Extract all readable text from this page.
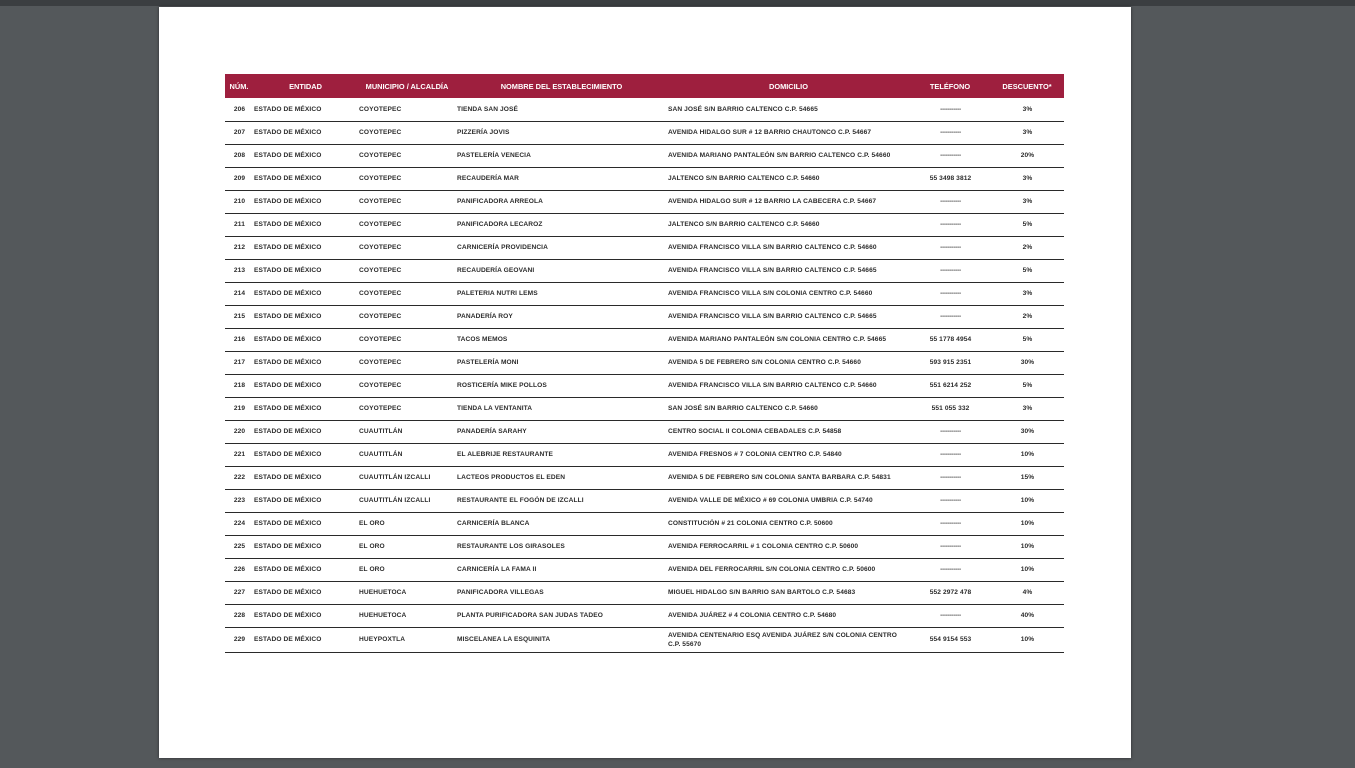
NÚM.	ENTIDAD	MUNICIPIO / ALCALDÍA	NOMBRE DEL ESTABLECIMIENTO	DOMICILIO	TELÉFONO	DESCUENTO*
206	ESTADO DE MÉXICO	COYOTEPEC	TIENDA SAN JOSÉ	SAN JOSÉ S/N BARRIO CALTENCO C.P. 54665	-----------	3%
207	ESTADO DE MÉXICO	COYOTEPEC	PIZZERÍA JOVIS	AVENIDA HIDALGO SUR # 12 BARRIO CHAUTONCO C.P. 54667	-----------	3%
208	ESTADO DE MÉXICO	COYOTEPEC	PASTELERÍA VENECIA	AVENIDA MARIANO PANTALEÓN S/N BARRIO CALTENCO C.P. 54660	-----------	20%
209	ESTADO DE MÉXICO	COYOTEPEC	RECAUDERÍA MAR	JALTENCO S/N BARRIO CALTENCO C.P. 54660	55 3498 3812	3%
210	ESTADO DE MÉXICO	COYOTEPEC	PANIFICADORA ARREOLA	AVENIDA HIDALGO SUR # 12 BARRIO LA CABECERA C.P. 54667	-----------	3%
211	ESTADO DE MÉXICO	COYOTEPEC	PANIFICADORA LECAROZ	JALTENCO S/N BARRIO CALTENCO C.P. 54660	-----------	5%
212	ESTADO DE MÉXICO	COYOTEPEC	CARNICERÍA PROVIDENCIA	AVENIDA FRANCISCO VILLA S/N BARRIO CALTENCO C.P. 54660	-----------	2%
213	ESTADO DE MÉXICO	COYOTEPEC	RECAUDERÍA GEOVANI	AVENIDA FRANCISCO VILLA S/N BARRIO CALTENCO C.P. 54665	-----------	5%
214	ESTADO DE MÉXICO	COYOTEPEC	PALETERIA NUTRI LEMS	AVENIDA FRANCISCO VILLA S/N COLONIA CENTRO C.P. 54660	-----------	3%
215	ESTADO DE MÉXICO	COYOTEPEC	PANADERÍA ROY	AVENIDA FRANCISCO VILLA S/N BARRIO CALTENCO C.P. 54665	-----------	2%
216	ESTADO DE MÉXICO	COYOTEPEC	TACOS MEMOS	AVENIDA MARIANO PANTALEÓN S/N COLONIA CENTRO C.P. 54665	55 1778 4954	5%
217	ESTADO DE MÉXICO	COYOTEPEC	PASTELERÍA MONI	AVENIDA 5 DE FEBRERO S/N COLONIA CENTRO C.P. 54660	593 915 2351	30%
218	ESTADO DE MÉXICO	COYOTEPEC	ROSTICERÍA MIKE POLLOS	AVENIDA FRANCISCO VILLA S/N BARRIO CALTENCO C.P. 54660	551 6214 252	5%
219	ESTADO DE MÉXICO	COYOTEPEC	TIENDA LA VENTANITA	SAN JOSÉ S/N BARRIO CALTENCO C.P. 54660	551 055 332	3%
220	ESTADO DE MÉXICO	CUAUTITLÁN	PANADERÍA SARAHY	CENTRO SOCIAL II COLONIA CEBADALES C.P. 54858	-----------	30%
221	ESTADO DE MÉXICO	CUAUTITLÁN	EL ALEBRIJE RESTAURANTE	AVENIDA FRESNOS # 7 COLONIA CENTRO C.P. 54840	-----------	10%
222	ESTADO DE MÉXICO	CUAUTITLÁN IZCALLI	LACTEOS PRODUCTOS EL EDEN	AVENIDA 5 DE FEBRERO S/N COLONIA SANTA BARBARA C.P. 54831	-----------	15%
223	ESTADO DE MÉXICO	CUAUTITLÁN IZCALLI	RESTAURANTE EL FOGÓN DE IZCALLI	AVENIDA VALLE DE MÉXICO # 69 COLONIA UMBRIA C.P. 54740	-----------	10%
224	ESTADO DE MÉXICO	EL ORO	CARNICERÍA BLANCA	CONSTITUCIÓN # 21 COLONIA CENTRO C.P. 50600	-----------	10%
225	ESTADO DE MÉXICO	EL ORO	RESTAURANTE LOS GIRASOLES	AVENIDA FERROCARRIL # 1 COLONIA CENTRO C.P. 50600	-----------	10%
226	ESTADO DE MÉXICO	EL ORO	CARNICERÍA LA FAMA II	AVENIDA DEL FERROCARRIL S/N COLONIA CENTRO C.P. 50600	-----------	10%
227	ESTADO DE MÉXICO	HUEHUETOCA	PANIFICADORA VILLEGAS	MIGUEL HIDALGO S/N BARRIO SAN BARTOLO C.P. 54683	552 2972 478	4%
228	ESTADO DE MÉXICO	HUEHUETOCA	PLANTA PURIFICADORA SAN JUDAS TADEO	AVENIDA JUÁREZ # 4 COLONIA CENTRO C.P. 54680	-----------	40%
229	ESTADO DE MÉXICO	HUEYPOXTLA	MISCELANEA LA ESQUINITA	AVENIDA CENTENARIO ESQ AVENIDA JUÁREZ S/N COLONIA CENTRO C.P. 55670	554 9154 553	10%
